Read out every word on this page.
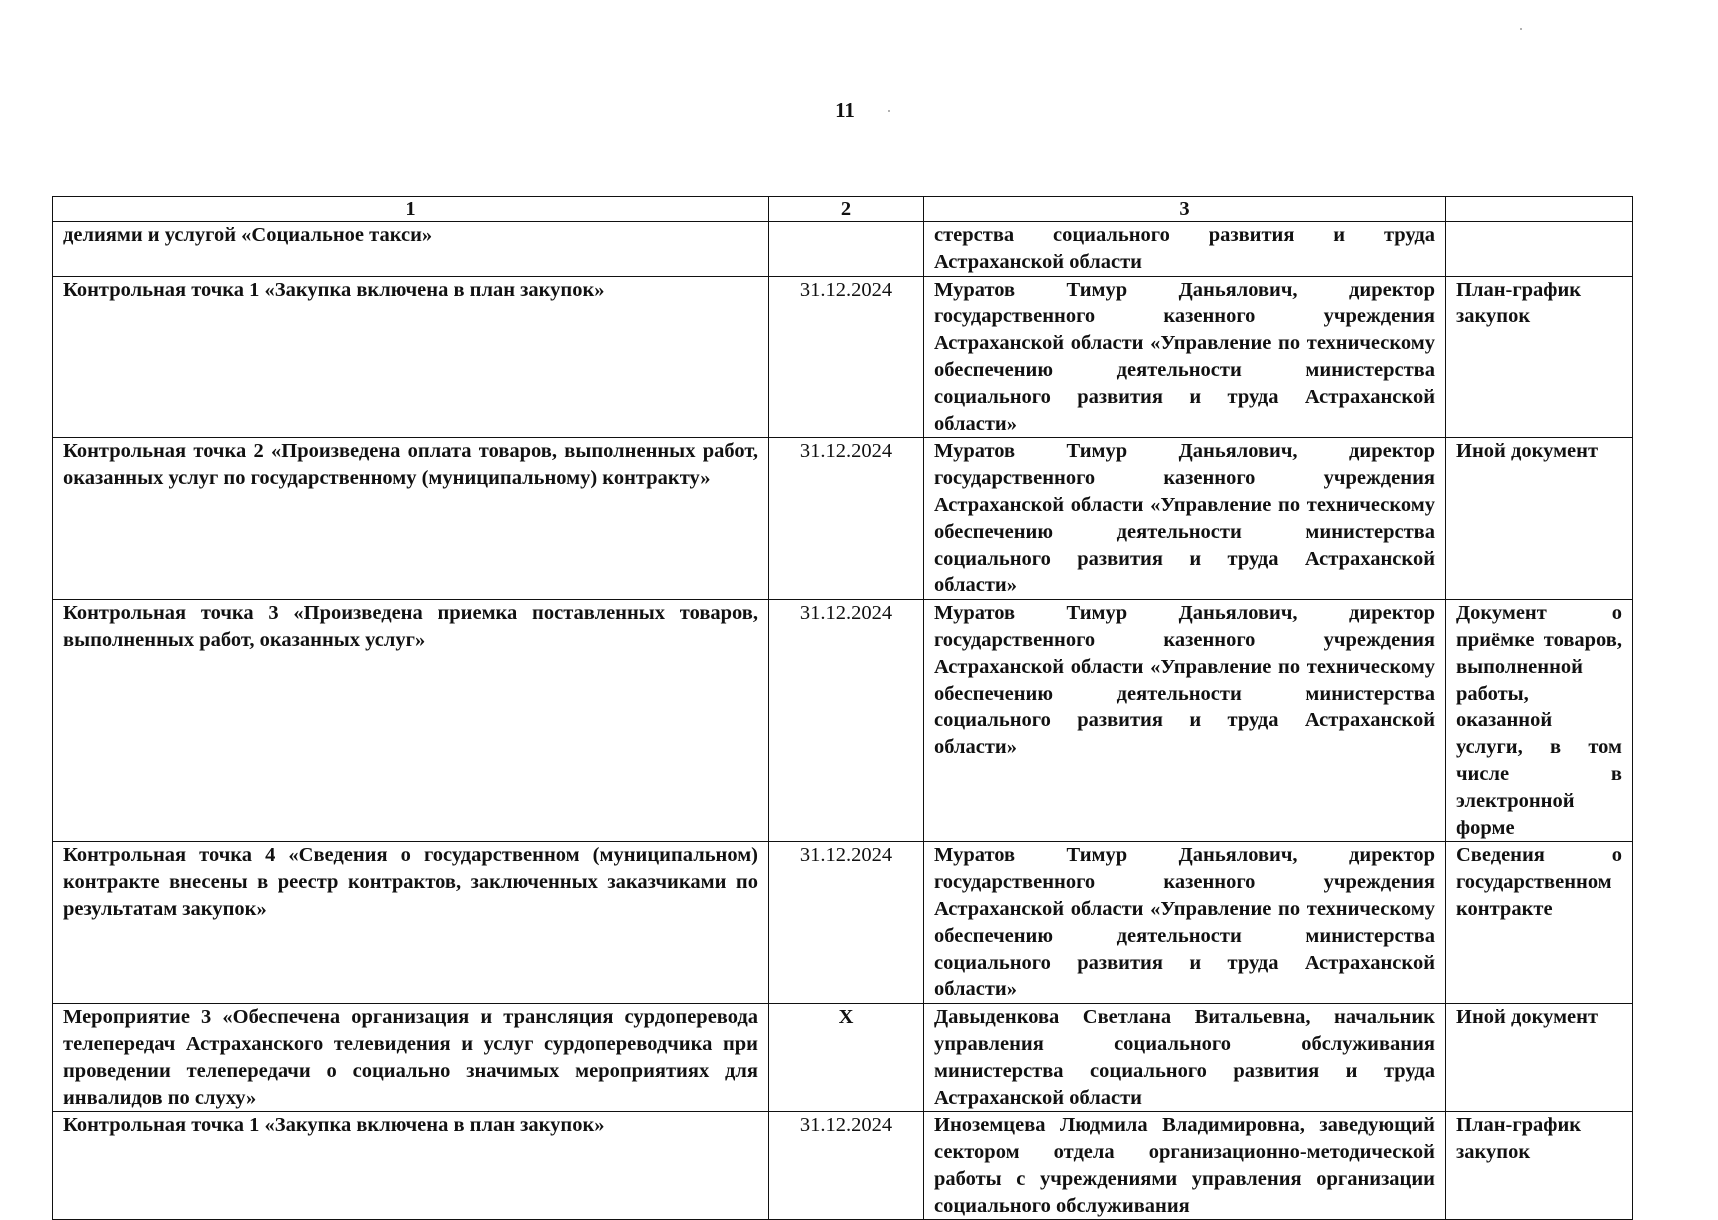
11
1	2	3	
делиями и услугой «Социальное такси»		стерства социального развития и труда Астраханской области	
Контрольная точка 1 «Закупка включена в план закупок»	31.12.2024	Муратов Тимур Даньялович, директор государственного казенного учреждения Астраханской области «Управление по техническому обеспечению деятельности министерства социального развития и труда Астраханской области»	План-график закупок
Контрольная точка 2 «Произведена оплата товаров, выполненных работ, оказанных услуг по государственному (муниципальному) контракту»	31.12.2024	Муратов Тимур Даньялович, директор государственного казенного учреждения Астраханской области «Управление по техническому обеспечению деятельности министерства социального развития и труда Астраханской области»	Иной документ
Контрольная точка 3 «Произведена приемка поставленных товаров, выполненных работ, оказанных услуг»	31.12.2024	Муратов Тимур Даньялович, директор государственного казенного учреждения Астраханской области «Управление по техническому обеспечению деятельности министерства социального развития и труда Астраханской области»	Документ о приёмке товаров, выполненной работы, оказанной услуги, в том числе в электронной форме
Контрольная точка 4 «Сведения о государственном (муниципальном) контракте внесены в реестр контрактов, заключенных заказчиками по результатам закупок»	31.12.2024	Муратов Тимур Даньялович, директор государственного казенного учреждения Астраханской области «Управление по техническому обеспечению деятельности министерства социального развития и труда Астраханской области»	Сведения о государственном контракте
Мероприятие 3 «Обеспечена организация и трансляция сурдоперевода телепередач Астраханского телевидения и услуг сурдопереводчика при проведении телепередачи о социально значимых мероприятиях для инвалидов по слуху»	X	Давыденкова Светлана Витальевна, начальник управления социального обслуживания министерства социального развития и труда Астраханской области	Иной документ
Контрольная точка 1 «Закупка включена в план закупок»	31.12.2024	Иноземцева Людмила Владимировна, заведующий сектором отдела организационно-методической работы с учреждениями управления организации социального обслуживания	План-график закупок
